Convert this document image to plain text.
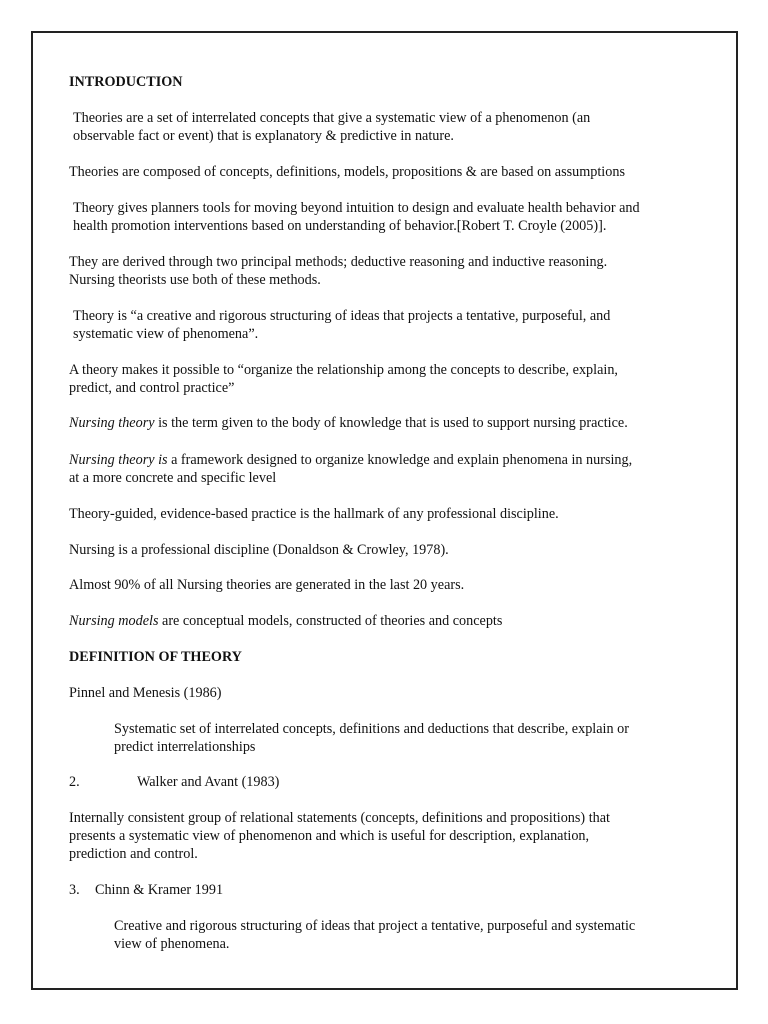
INTRODUCTION
Theories are a set of interrelated concepts that give a systematic view of a phenomenon (an
observable fact or event) that is explanatory & predictive in nature.
Theories are composed of concepts, definitions, models, propositions & are based on assumptions
Theory gives planners tools for moving beyond intuition to design and evaluate health behavior and
health promotion interventions based on understanding of behavior.[Robert T. Croyle (2005)].
They are derived through two principal methods; deductive reasoning and inductive reasoning.
Nursing theorists use both of these methods.
Theory is “a creative and rigorous structuring of ideas that projects a tentative, purposeful, and
systematic view of phenomena”.
A theory makes it possible to “organize the relationship among the concepts to describe, explain,
predict, and control practice”
Nursing theory is the term given to the body of knowledge that is used to support nursing practice.
Nursing theory is a framework designed to organize knowledge and explain phenomena in nursing,
at a more concrete and specific level
Theory-guided, evidence-based practice is the hallmark of any professional discipline.
Nursing is a professional discipline (Donaldson & Crowley, 1978).
Almost 90% of all Nursing theories are generated in the last 20 years.
Nursing models are conceptual models, constructed of theories and concepts
DEFINITION OF THEORY
Pinnel and Menesis (1986)
Systematic set of interrelated concepts, definitions and deductions that describe, explain or
predict interrelationships
2.	Walker and Avant (1983)
Internally consistent group of relational statements (concepts, definitions and propositions) that
presents a systematic view of phenomenon and which is useful for description, explanation,
prediction and control.
3. Chinn & Kramer 1991
Creative and rigorous structuring of ideas that project a tentative, purposeful and systematic
view of phenomena.
